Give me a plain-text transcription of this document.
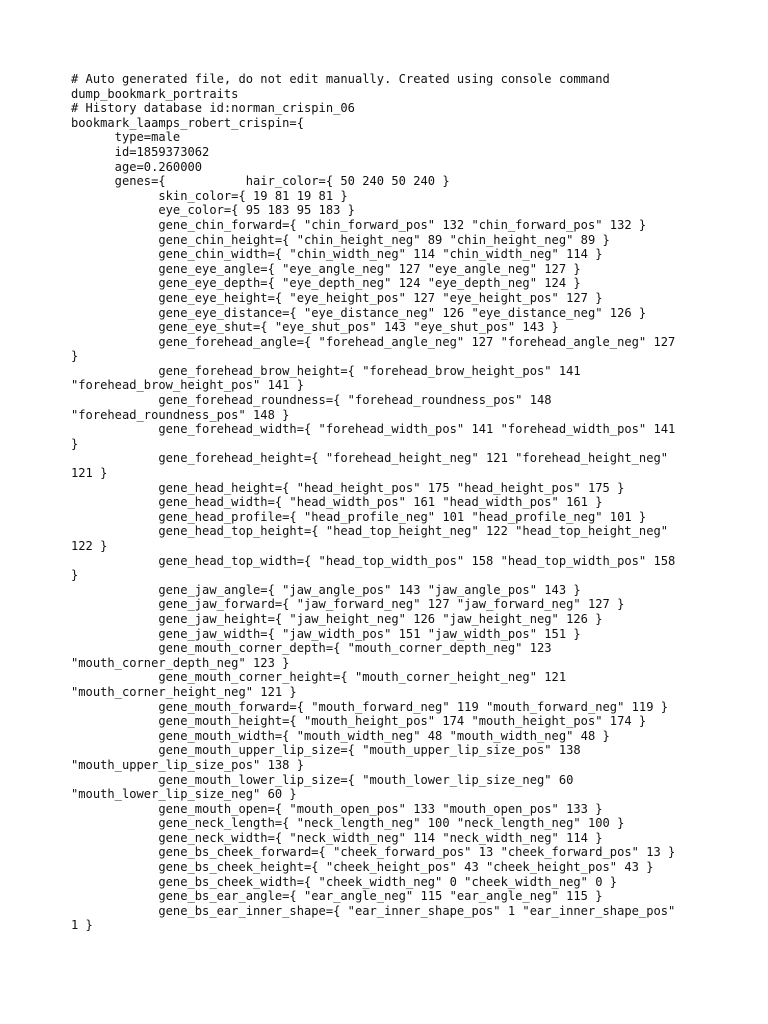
# Auto generated file, do not edit manually. Created using console command
dump_bookmark_portraits
# History database id:norman_crispin_06
bookmark_laamps_robert_crispin={
type=male
id=1859373062
age=0.260000
genes={           hair_color={ 50 240 50 240 }
skin_color={ 19 81 19 81 }
eye_color={ 95 183 95 183 }
gene_chin_forward={ "chin_forward_pos" 132 "chin_forward_pos" 132 }
gene_chin_height={ "chin_height_neg" 89 "chin_height_neg" 89 }
gene_chin_width={ "chin_width_neg" 114 "chin_width_neg" 114 }
gene_eye_angle={ "eye_angle_neg" 127 "eye_angle_neg" 127 }
gene_eye_depth={ "eye_depth_neg" 124 "eye_depth_neg" 124 }
gene_eye_height={ "eye_height_pos" 127 "eye_height_pos" 127 }
gene_eye_distance={ "eye_distance_neg" 126 "eye_distance_neg" 126 }
gene_eye_shut={ "eye_shut_pos" 143 "eye_shut_pos" 143 }
gene_forehead_angle={ "forehead_angle_neg" 127 "forehead_angle_neg" 127
}
gene_forehead_brow_height={ "forehead_brow_height_pos" 141
"forehead_brow_height_pos" 141 }
gene_forehead_roundness={ "forehead_roundness_pos" 148
"forehead_roundness_pos" 148 }
gene_forehead_width={ "forehead_width_pos" 141 "forehead_width_pos" 141
}
gene_forehead_height={ "forehead_height_neg" 121 "forehead_height_neg"
121 }
gene_head_height={ "head_height_pos" 175 "head_height_pos" 175 }
gene_head_width={ "head_width_pos" 161 "head_width_pos" 161 }
gene_head_profile={ "head_profile_neg" 101 "head_profile_neg" 101 }
gene_head_top_height={ "head_top_height_neg" 122 "head_top_height_neg"
122 }
gene_head_top_width={ "head_top_width_pos" 158 "head_top_width_pos" 158
}
gene_jaw_angle={ "jaw_angle_pos" 143 "jaw_angle_pos" 143 }
gene_jaw_forward={ "jaw_forward_neg" 127 "jaw_forward_neg" 127 }
gene_jaw_height={ "jaw_height_neg" 126 "jaw_height_neg" 126 }
gene_jaw_width={ "jaw_width_pos" 151 "jaw_width_pos" 151 }
gene_mouth_corner_depth={ "mouth_corner_depth_neg" 123
"mouth_corner_depth_neg" 123 }
gene_mouth_corner_height={ "mouth_corner_height_neg" 121
"mouth_corner_height_neg" 121 }
gene_mouth_forward={ "mouth_forward_neg" 119 "mouth_forward_neg" 119 }
gene_mouth_height={ "mouth_height_pos" 174 "mouth_height_pos" 174 }
gene_mouth_width={ "mouth_width_neg" 48 "mouth_width_neg" 48 }
gene_mouth_upper_lip_size={ "mouth_upper_lip_size_pos" 138
"mouth_upper_lip_size_pos" 138 }
gene_mouth_lower_lip_size={ "mouth_lower_lip_size_neg" 60
"mouth_lower_lip_size_neg" 60 }
gene_mouth_open={ "mouth_open_pos" 133 "mouth_open_pos" 133 }
gene_neck_length={ "neck_length_neg" 100 "neck_length_neg" 100 }
gene_neck_width={ "neck_width_neg" 114 "neck_width_neg" 114 }
gene_bs_cheek_forward={ "cheek_forward_pos" 13 "cheek_forward_pos" 13 }
gene_bs_cheek_height={ "cheek_height_pos" 43 "cheek_height_pos" 43 }
gene_bs_cheek_width={ "cheek_width_neg" 0 "cheek_width_neg" 0 }
gene_bs_ear_angle={ "ear_angle_neg" 115 "ear_angle_neg" 115 }
gene_bs_ear_inner_shape={ "ear_inner_shape_pos" 1 "ear_inner_shape_pos"
1 }
